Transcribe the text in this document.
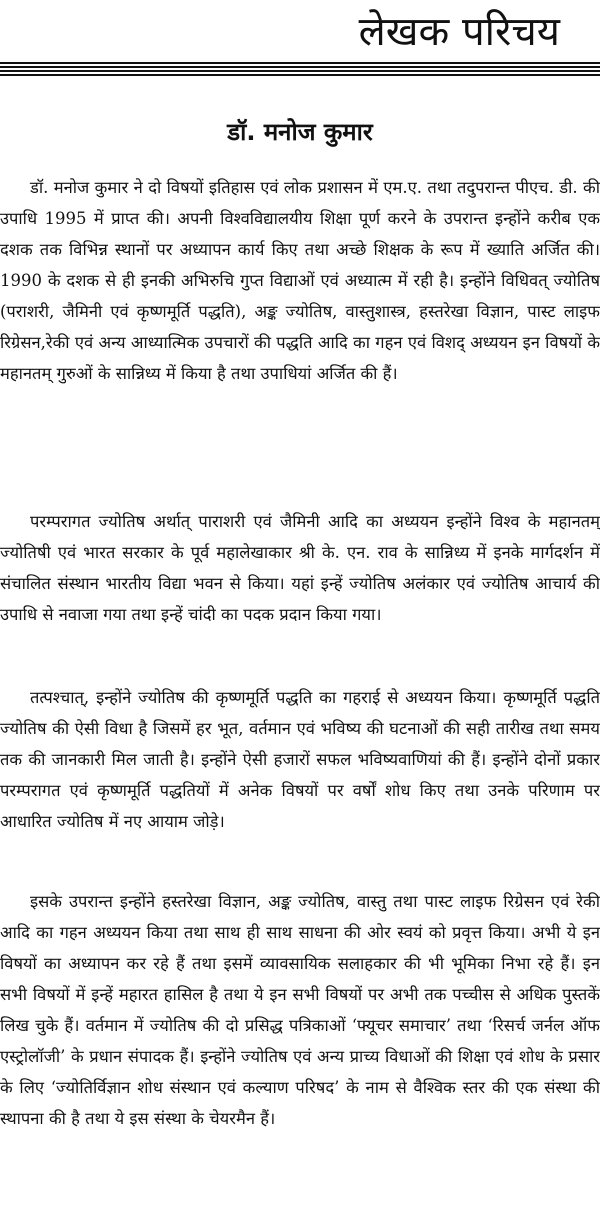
लेखक परिचय
डॉ. मनोज कुमार

डॉ. मनोज कुमार ने दो विषयों इतिहास एवं लोक प्रशासन में एम.ए. तथा तदुपरान्त पीएच. डी. की उपाधि 1995 में प्राप्त की। अपनी विश्वविद्यालयीय शिक्षा पूर्ण करने के उपरान्त इन्होंने करीब एक दशक तक विभिन्न स्थानों पर अध्यापन कार्य किए तथा अच्छे शिक्षक के रूप में ख्याति अर्जित की। 1990 के दशक से ही इनकी अभिरुचि गुप्त विद्याओं एवं अध्यात्म में रही है। इन्होंने विधिवत् ज्योतिष (पराशरी, जैमिनी एवं कृष्णमूर्ति पद्धति), अङ्क ज्योतिष, वास्तुशास्त्र, हस्तरेखा विज्ञान, पास्ट लाइफ रिग्रेसन,रेकी एवं अन्य आध्यात्मिक उपचारों की पद्धति आदि का गहन एवं विशद् अध्ययन इन विषयों के महानतम् गुरुओं के सान्निध्य में किया है तथा उपाधियां अर्जित की हैं।

परम्परागत ज्योतिष अर्थात् पाराशरी एवं जैमिनी आदि का अध्ययन इन्होंने विश्व के महानतम् ज्योतिषी एवं भारत सरकार के पूर्व महालेखाकार श्री के. एन. राव के सान्निध्य में इनके मार्गदर्शन में संचालित संस्थान भारतीय विद्या भवन से किया। यहां इन्हें ज्योतिष अलंकार एवं ज्योतिष आचार्य की उपाधि से नवाजा गया तथा इन्हें चांदी का पदक प्रदान किया गया।

तत्पश्चात्, इन्होंने ज्योतिष की कृष्णमूर्ति पद्धति का गहराई से अध्ययन किया। कृष्णमूर्ति पद्धति ज्योतिष की ऐसी विधा है जिसमें हर भूत, वर्तमान एवं भविष्य की घटनाओं की सही तारीख तथा समय तक की जानकारी मिल जाती है। इन्होंने ऐसी हजारों सफल भविष्यवाणियां की हैं। इन्होंने दोनों प्रकार परम्परागत एवं कृष्णमूर्ति पद्धतियों में अनेक विषयों पर वर्षों शोध किए तथा उनके परिणाम पर आधारित ज्योतिष में नए आयाम जोड़े।

इसके उपरान्त इन्होंने हस्तरेखा विज्ञान, अङ्क ज्योतिष, वास्तु तथा पास्ट लाइफ रिग्रेसन एवं रेकी आदि का गहन अध्ययन किया तथा साथ ही साथ साधना की ओर स्वयं को प्रवृत्त किया। अभी ये इन विषयों का अध्यापन कर रहे हैं तथा इसमें व्यावसायिक सलाहकार की भी भूमिका निभा रहे हैं। इन सभी विषयों में इन्हें महारत हासिल है तथा ये इन सभी विषयों पर अभी तक पच्चीस से अधिक पुस्तकें लिख चुके हैं। वर्तमान में ज्योतिष की दो प्रसिद्ध पत्रिकाओं ‘फ्यूचर समाचार’ तथा ‘रिसर्च जर्नल ऑफ एस्ट्रोलॉजी’ के प्रधान संपादक हैं। इन्होंने ज्योतिष एवं अन्य प्राच्य विधाओं की शिक्षा एवं शोध के प्रसार के लिए ‘ज्योतिर्विज्ञान शोध संस्थान एवं कल्याण परिषद’ के नाम से वैश्विक स्तर की एक संस्था की स्थापना की है तथा ये इस संस्था के चेयरमैन हैं।
